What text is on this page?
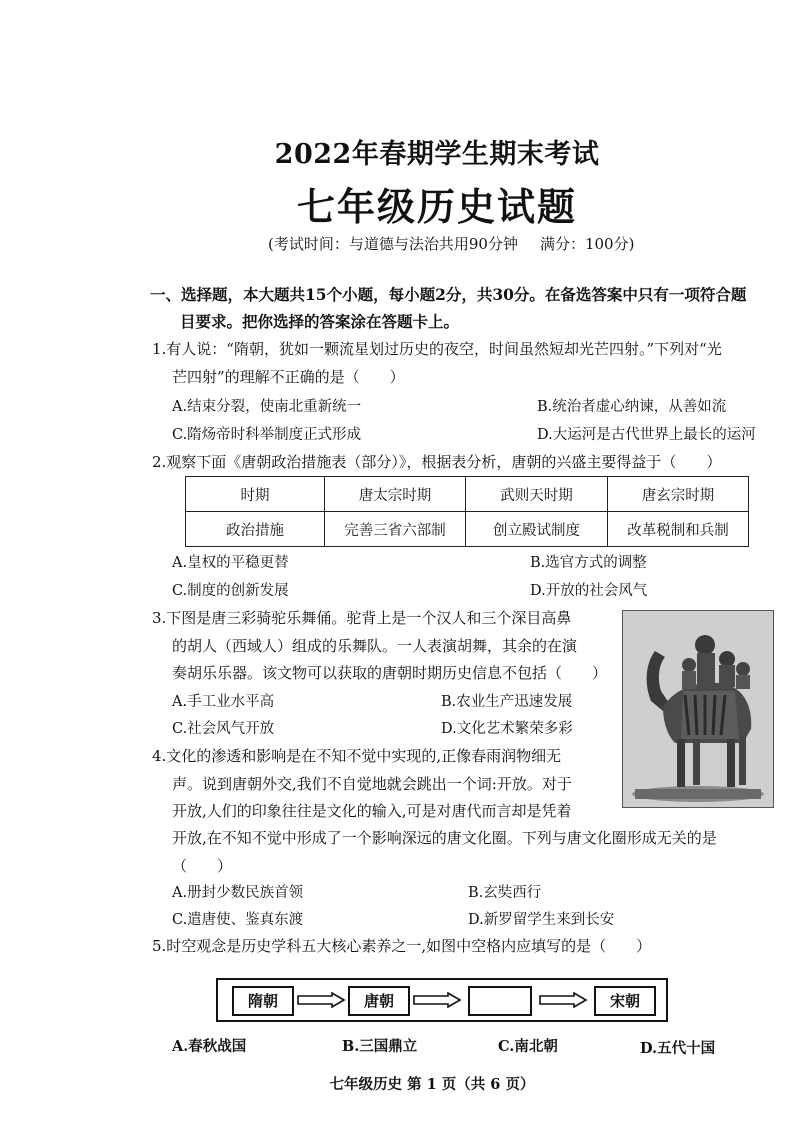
2022年春期学生期末考试
七年级历史试题
(考试时间：与道德与法治共用90分钟 满分：100分)
一、选择题，本大题共15个小题，每小题2分，共30分。在备选答案中只有一项符合题
目要求。把你选择的答案涂在答题卡上。
1.有人说：“隋朝，犹如一颗流星划过历史的夜空，时间虽然短却光芒四射。”下列对“光
芒四射”的理解不正确的是（　　）
A.结束分裂，使南北重新统一	B.统治者虚心纳谏，从善如流
C.隋炀帝时科举制度正式形成	D.大运河是古代世界上最长的运河
2.观察下面《唐朝政治措施表（部分）》，根据表分析，唐朝的兴盛主要得益于（　　）
时期	唐太宗时期	武则天时期	唐玄宗时期
政治措施	完善三省六部制	创立殿试制度	改革税制和兵制
A.皇权的平稳更替	B.选官方式的调整
C.制度的创新发展	D.开放的社会风气
3.下图是唐三彩骑驼乐舞俑。驼背上是一个汉人和三个深目高鼻
的胡人（西域人）组成的乐舞队。一人表演胡舞，其余的在演
奏胡乐乐器。该文物可以获取的唐朝时期历史信息不包括（　　）
A.手工业水平高	B.农业生产迅速发展
C.社会风气开放	D.文化艺术繁荣多彩
4.文化的渗透和影响是在不知不觉中实现的,正像春雨润物细无
声。说到唐朝外交,我们不自觉地就会跳出一个词:开放。对于
开放,人们的印象往往是文化的输入,可是对唐代而言却是凭着
开放,在不知不觉中形成了一个影响深远的唐文化圈。下列与唐文化圈形成无关的是
（　　）
A.册封少数民族首领	B.玄奘西行
C.遣唐使、鉴真东渡	D.新罗留学生来到长安
5.时空观念是历史学科五大核心素养之一,如图中空格内应填写的是（　　）
隋朝	唐朝	宋朝
A.春秋战国	B.三国鼎立	C.南北朝	D.五代十国
七年级历史 第 1 页（共 6 页）
